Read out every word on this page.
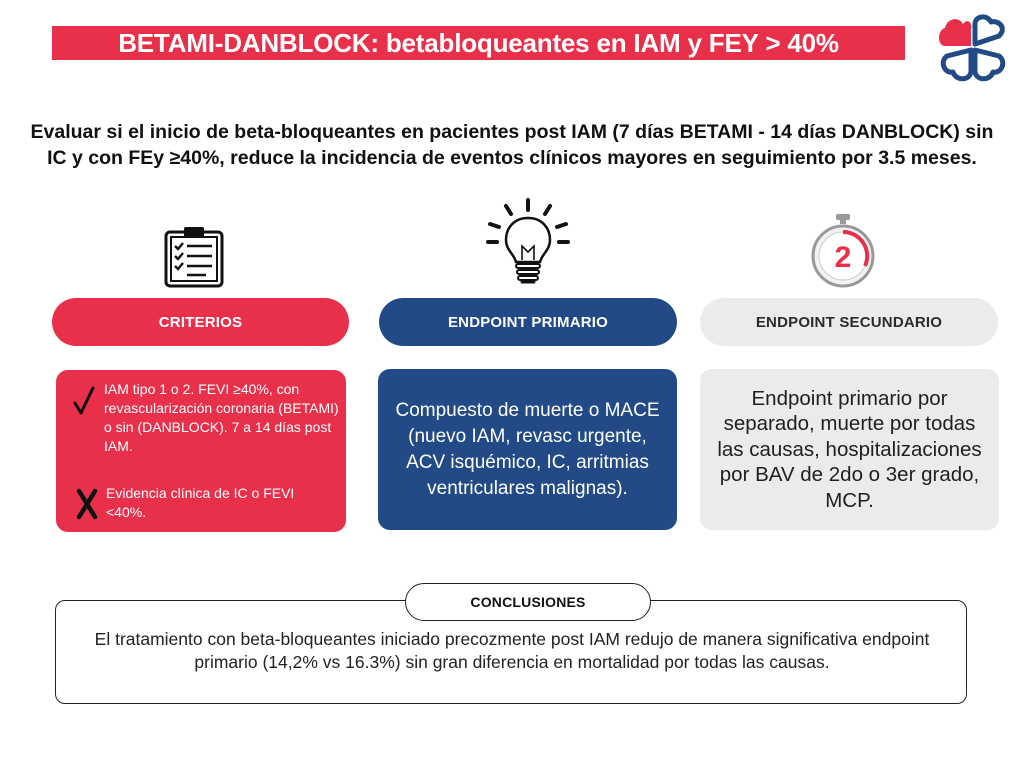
BETAMI-DANBLOCK: betabloqueantes en IAM y FEY > 40%
Evaluar si el inicio de beta-bloqueantes en pacientes post IAM (7 días BETAMI - 14 días DANBLOCK) sin IC y con FEy ≥40%, reduce la incidencia de eventos clínicos mayores en seguimiento por 3.5 meses.
2
CRITERIOS	ENDPOINT PRIMARIO	ENDPOINT SECUNDARIO
IAM tipo 1 o 2. FEVI ≥40%, con revascularización coronaria (BETAMI) o sin (DANBLOCK). 7 a 14 días post IAM.
Evidencia clínica de IC o FEVI <40%.
Compuesto de muerte o MACE (nuevo IAM, revasc urgente, ACV isquémico, IC, arritmias ventriculares malignas).
Endpoint primario por separado, muerte por todas las causas, hospitalizaciones por BAV de 2do o 3er grado, MCP.
CONCLUSIONES
El tratamiento con beta-bloqueantes iniciado precozmente post IAM redujo de manera significativa endpoint primario (14,2% vs 16.3%) sin gran diferencia en mortalidad por todas las causas.
